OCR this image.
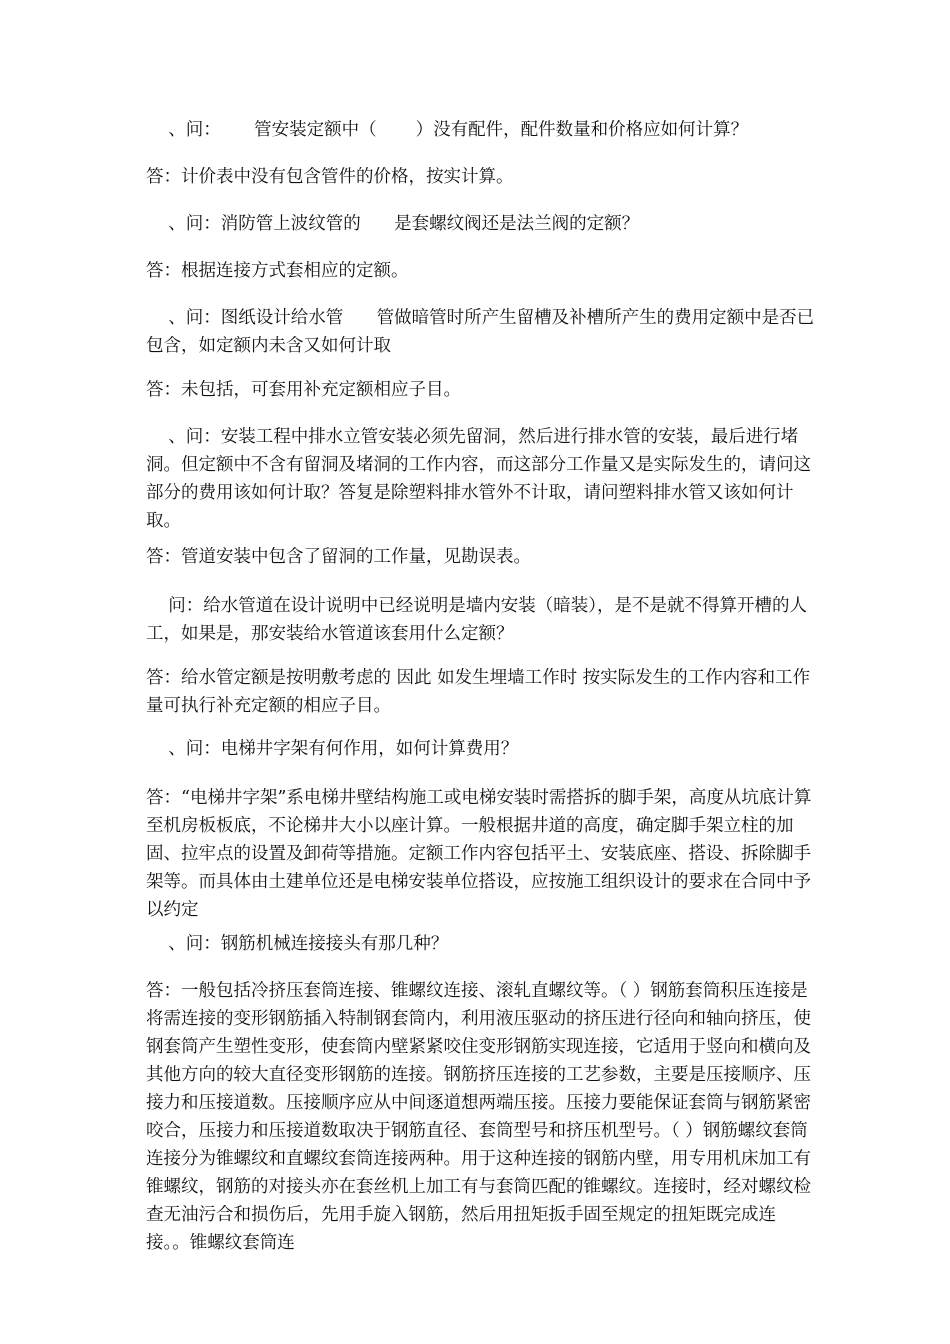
、问：      管安装定额中（       ）没有配件，配件数量和价格应如何计算？

答：计价表中没有包含管件的价格，按实计算。

、问：消防管上波纹管的      是套螺纹阀还是法兰阀的定额？

答：根据连接方式套相应的定额。

、问：图纸设计给水管      管做暗管时所产生留槽及补槽所产生的费用定额中是否已包含，如定额内未含又如何计取

答：未包括，可套用补充定额相应子目。

、问：安装工程中排水立管安装必须先留洞，然后进行排水管的安装，最后进行堵洞。但定额中不含有留洞及堵洞的工作内容，而这部分工作量又是实际发生的，请问这部分的费用该如何计取？答复是除塑料排水管外不计取，请问塑料排水管又该如何计取。

答：管道安装中包含了留洞的工作量，见勘误表。

问：给水管道在设计说明中已经说明是墙内安装（暗装），是不是就不得算开槽的人工，如果是，那安装给水管道该套用什么定额？

答：给水管定额是按明敷考虑的 因此 如发生埋墙工作时 按实际发生的工作内容和工作量可执行补充定额的相应子目。

、问：电梯井字架有何作用，如何计算费用？

答：“电梯井字架”系电梯井壁结构施工或电梯安装时需搭拆的脚手架，高度从坑底计算至机房板板底，不论梯井大小以座计算。一般根据井道的高度，确定脚手架立柱的加固、拉牢点的设置及卸荷等措施。定额工作内容包括平土、安装底座、搭设、拆除脚手架等。而具体由土建单位还是电梯安装单位搭设，应按施工组织设计的要求在合同中予以约定

、问：钢筋机械连接接头有那几种？

答：一般包括冷挤压套筒连接、锥螺纹连接、滚轧直螺纹等。（ ）钢筋套筒积压连接是将需连接的变形钢筋插入特制钢套筒内，利用液压驱动的挤压进行径向和轴向挤压，使钢套筒产生塑性变形，使套筒内壁紧紧咬住变形钢筋实现连接，它适用于竖向和横向及其他方向的较大直径变形钢筋的连接。钢筋挤压连接的工艺参数，主要是压接顺序、压接力和压接道数。压接顺序应从中间逐道想两端压接。压接力要能保证套筒与钢筋紧密咬合，压接力和压接道数取决于钢筋直径、套筒型号和挤压机型号。（ ）钢筋螺纹套筒连接分为锥螺纹和直螺纹套筒连接两种。用于这种连接的钢筋内壁，用专用机床加工有锥螺纹，钢筋的对接头亦在套丝机上加工有与套筒匹配的锥螺纹。连接时，经对螺纹检查无油污合和损伤后，先用手旋入钢筋，然后用扭矩扳手固至规定的扭矩既完成连接。。锥螺纹套筒连
